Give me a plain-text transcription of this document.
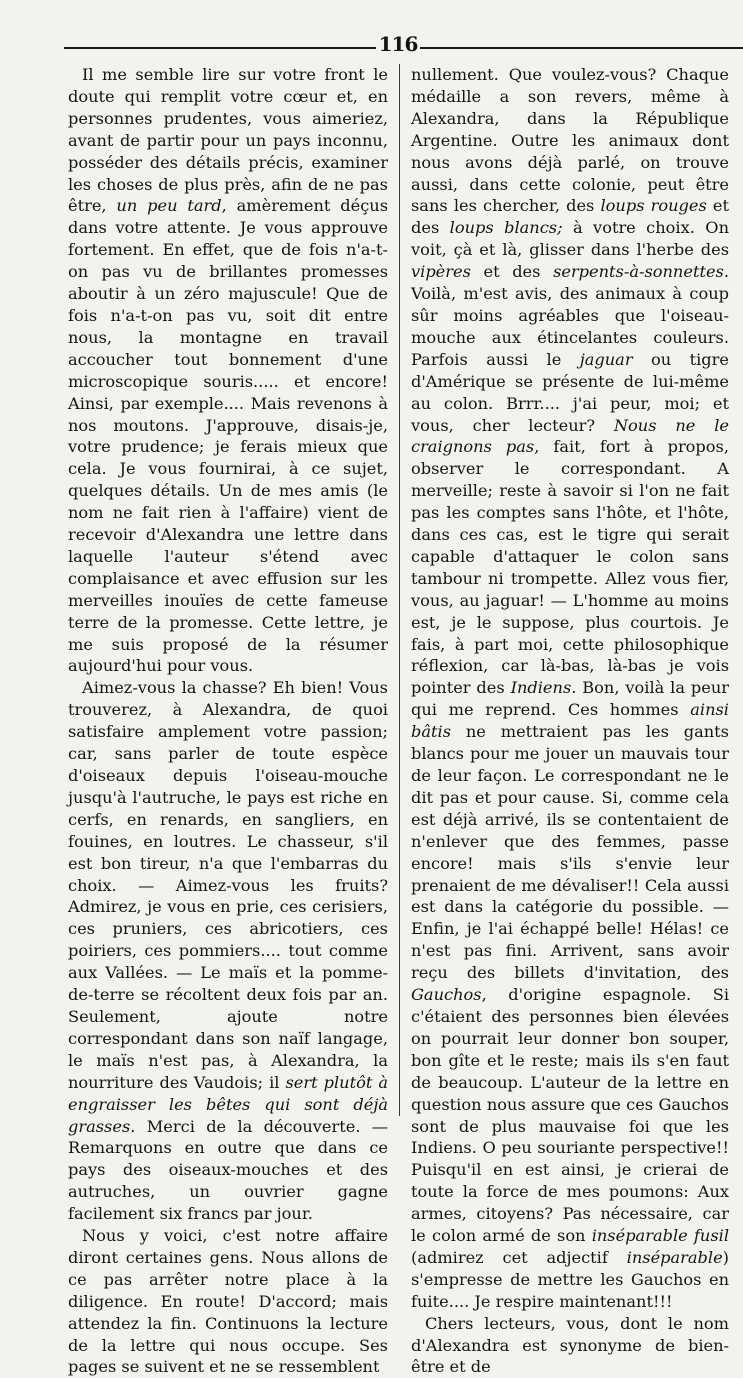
116

Il me semble lire sur votre front le doute qui remplit votre cœur et, en personnes prudentes, vous aimeriez, avant de partir pour un pays inconnu, posséder des détails précis, examiner les choses de plus près, afin de ne pas être, un peu tard, amèrement déçus dans votre attente. Je vous approuve fortement. En effet, que de fois n'a-t-on pas vu de brillantes promesses aboutir à un zéro majuscule! Que de fois n'a-t-on pas vu, soit dit entre nous, la montagne en travail accoucher tout bonnement d'une microscopique souris..... et encore! Ainsi, par exemple.... Mais revenons à nos moutons. J'approuve, disais-je, votre prudence; je ferais mieux que cela. Je vous fournirai, à ce sujet, quelques détails. Un de mes amis (le nom ne fait rien à l'affaire) vient de recevoir d'Alexandra une lettre dans laquelle l'auteur s'étend avec complaisance et avec effusion sur les merveilles inouïes de cette fameuse terre de la promesse. Cette lettre, je me suis proposé de la résumer aujourd'hui pour vous.

Aimez-vous la chasse? Eh bien! Vous trouverez, à Alexandra, de quoi satisfaire amplement votre passion; car, sans parler de toute espèce d'oiseaux depuis l'oiseau-mouche jusqu'à l'autruche, le pays est riche en cerfs, en renards, en sangliers, en fouines, en loutres. Le chasseur, s'il est bon tireur, n'a que l'embarras du choix. — Aimez-vous les fruits? Admirez, je vous en prie, ces cerisiers, ces pruniers, ces abricotiers, ces poiriers, ces pommiers.... tout comme aux Vallées. — Le maïs et la pomme-de-terre se récoltent deux fois par an. Seulement, ajoute notre correspondant dans son naïf langage, le maïs n'est pas, à Alexandra, la nourriture des Vaudois; il sert plutôt à engraisser les bêtes qui sont déjà grasses. Merci de la découverte. — Remarquons en outre que dans ce pays des oiseaux-mouches et des autruches, un ouvrier gagne facilement six francs par jour.

Nous y voici, c'est notre affaire diront certaines gens. Nous allons de ce pas arrêter notre place à la diligence. En route! D'accord; mais attendez la fin. Continuons la lecture de la lettre qui nous occupe. Ses pages se suivent et ne se ressemblent

nullement. Que voulez-vous? Chaque médaille a son revers, même à Alexandra, dans la République Argentine. Outre les animaux dont nous avons déjà parlé, on trouve aussi, dans cette colonie, peut être sans les chercher, des loups rouges et des loups blancs; à votre choix. On voit, çà et là, glisser dans l'herbe des vipères et des serpents-à-sonnettes. Voilà, m'est avis, des animaux à coup sûr moins agréables que l'oiseau-mouche aux étincelantes couleurs. Parfois aussi le jaguar ou tigre d'Amérique se présente de lui-même au colon. Brrr.... j'ai peur, moi; et vous, cher lecteur? Nous ne le craignons pas, fait, fort à propos, observer le correspondant. A merveille; reste à savoir si l'on ne fait pas les comptes sans l'hôte, et l'hôte, dans ces cas, est le tigre qui serait capable d'attaquer le colon sans tambour ni trompette. Allez vous fier, vous, au jaguar! — L'homme au moins est, je le suppose, plus courtois. Je fais, à part moi, cette philosophique réflexion, car là-bas, là-bas je vois pointer des Indiens. Bon, voilà la peur qui me reprend. Ces hommes ainsi bâtis ne mettraient pas les gants blancs pour me jouer un mauvais tour de leur façon. Le correspondant ne le dit pas et pour cause. Si, comme cela est déjà arrivé, ils se contentaient de n'enlever que des femmes, passe encore! mais s'ils s'envie leur prenaient de me dévaliser!! Cela aussi est dans la catégorie du possible. — Enfin, je l'ai échappé belle! Hélas! ce n'est pas fini. Arrivent, sans avoir reçu des billets d'invitation, des Gauchos, d'origine espagnole. Si c'étaient des personnes bien élevées on pourrait leur donner bon souper, bon gîte et le reste; mais ils s'en faut de beaucoup. L'auteur de la lettre en question nous assure que ces Gauchos sont de plus mauvaise foi que les Indiens. O peu souriante perspective!! Puisqu'il en est ainsi, je crierai de toute la force de mes poumons: Aux armes, citoyens? Pas nécessaire, car le colon armé de son inséparable fusil (admirez cet adjectif inséparable) s'empresse de mettre les Gauchos en fuite.... Je respire maintenant!!!

Chers lecteurs, vous, dont le nom d'Alexandra est synonyme de bien-être et de
